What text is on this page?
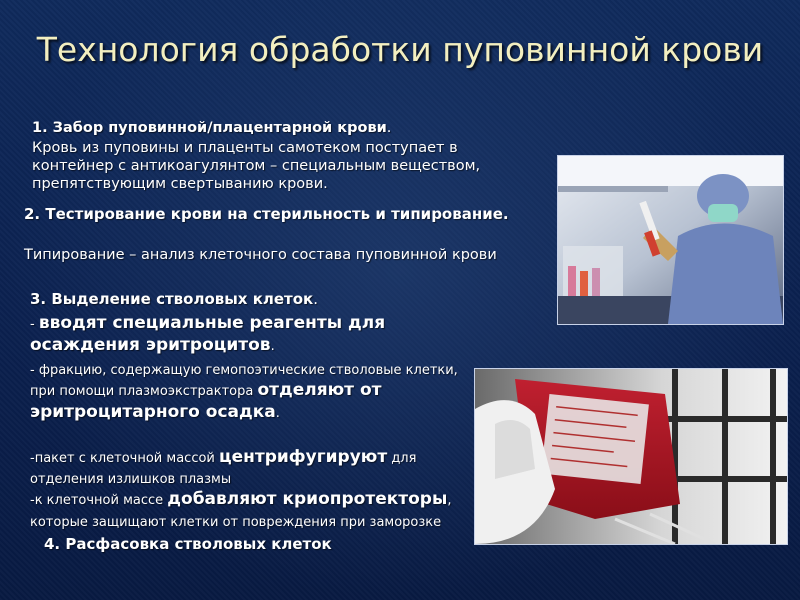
Технология обработки пуповинной крови

1. Забор пуповинной/плацентарной крови.

Кровь из пуповины и плаценты самотеком поступает в контейнер с антикоагулянтом – специальным веществом, препятствующим свертыванию крови.

2. Тестирование крови на стерильность и типирование.

Типирование – анализ клеточного состава пуповинной крови

3. Выделение стволовых клеток.

- вводят специальные реагенты для осаждения эритроцитов.

- фракцию, содержащую гемопоэтические стволовые клетки, при помощи плазмоэкстрактора отделяют от эритроцитарного осадка.

-пакет с клеточной массой центрифугируют для отделения излишков плазмы

-к клеточной массе добавляют криопротекторы, которые защищают клетки от повреждения при заморозке

4. Расфасовка стволовых клеток
